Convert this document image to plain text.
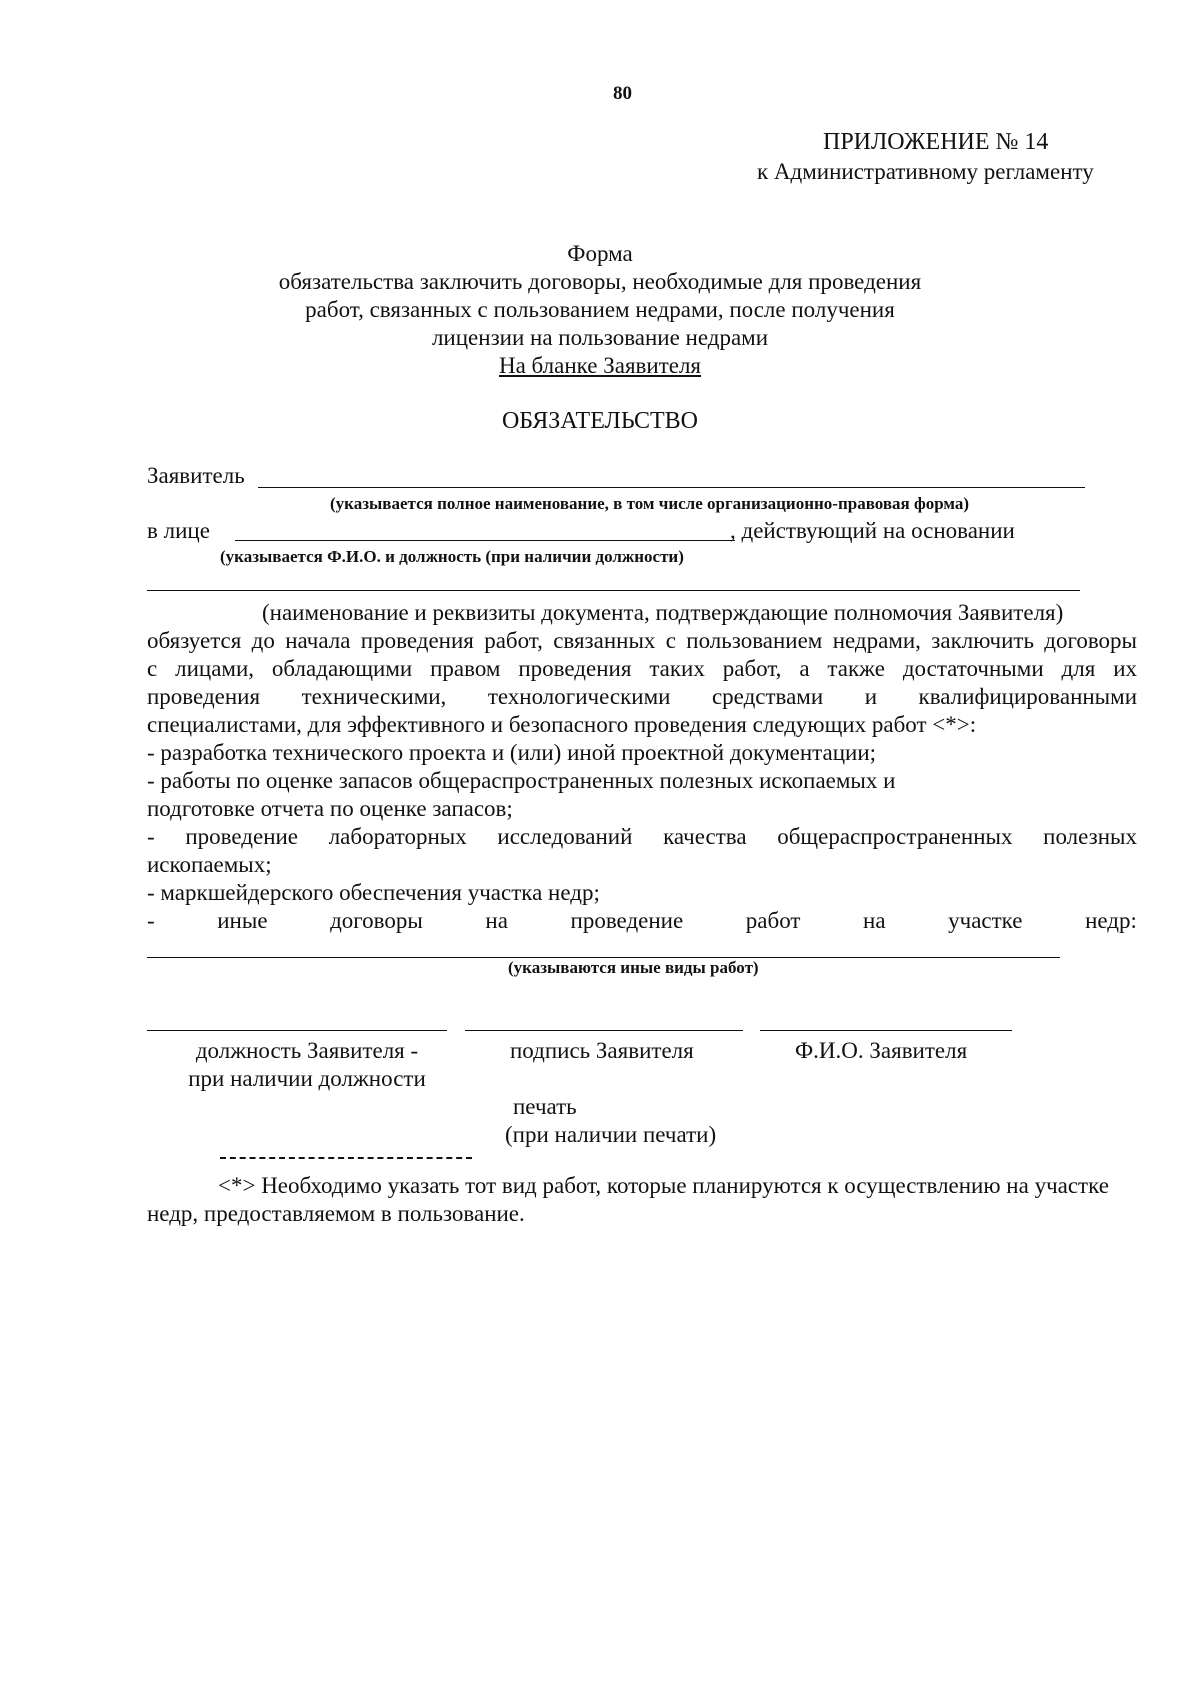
80
ПРИЛОЖЕНИЕ № 14
к Административному регламенту
Форма
обязательства заключить договоры, необходимые для проведения
работ, связанных с пользованием недрами, после получения
лицензии на пользование недрами
На бланке Заявителя
ОБЯЗАТЕЛЬСТВО
Заявитель
(указывается полное наименование, в том числе организационно-правовая форма)
в лице	, действующий на основании
(указывается Ф.И.О. и должность (при наличии должности)
(наименование и реквизиты документа, подтверждающие полномочия Заявителя)
обязуется до начала проведения работ, связанных с пользованием недрами, заключить договоры
с лицами, обладающими правом проведения таких работ, а также достаточными для их
проведения техническими, технологическими средствами и квалифицированными
специалистами, для эффективного и безопасного проведения следующих работ <*>:
- разработка технического проекта и (или) иной проектной документации;
- работы по оценке запасов общераспространенных полезных ископаемых и
подготовке отчета по оценке запасов;
- проведение лабораторных исследований качества общераспространенных полезных
ископаемых;
- маркшейдерского обеспечения участка недр;
-	иные	договоры	на	проведение	работ	на	участке	недр:
(указываются иные виды работ)
должность Заявителя -
при наличии должности
подпись Заявителя	Ф.И.О. Заявителя
печать
(при наличии печати)
<*> Необходимо указать тот вид работ, которые планируются к осуществлению на участке
недр, предоставляемом в пользование.
